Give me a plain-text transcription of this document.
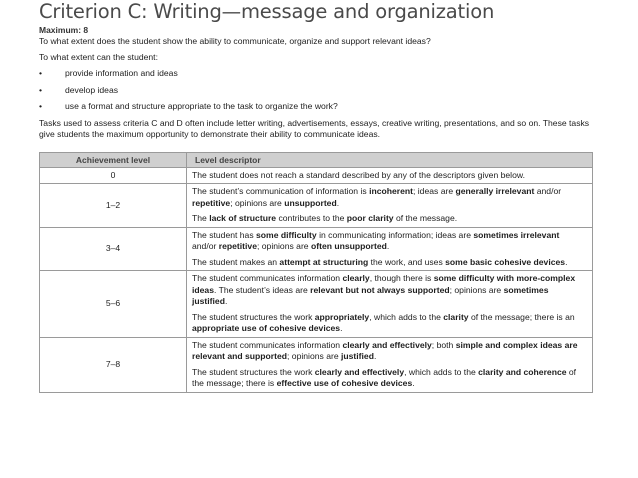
Criterion C: Writing—message and organization
Maximum: 8

To what extent does the student show the ability to communicate, organize and support relevant ideas?

To what extent can the student:

•	provide information and ideas
•	develop ideas
•	use a format and structure appropriate to the task to organize the work?

Tasks used to assess criteria C and D often include letter writing, advertisements, essays, creative writing, presentations, and so on. These tasks give students the maximum opportunity to demonstrate their ability to communicate ideas.

Achievement level	Level descriptor
0	The student does not reach a standard described by any of the descriptors given below.

1–2	The student’s communication of information is incoherent; ideas are generally irrelevant and/or repetitive; opinions are unsupported.

The lack of structure contributes to the poor clarity of the message.

3–4	The student has some difficulty in communicating information; ideas are sometimes irrelevant and/or repetitive; opinions are often unsupported.

The student makes an attempt at structuring the work, and uses some basic cohesive devices.

5–6	The student communicates information clearly, though there is some difficulty with more-complex ideas. The student’s ideas are relevant but not always supported; opinions are sometimes justified.

The student structures the work appropriately, which adds to the clarity of the message; there is an appropriate use of cohesive devices.

7–8	The student communicates information clearly and effectively; both simple and complex ideas are relevant and supported; opinions are justified.

The student structures the work clearly and effectively, which adds to the clarity and coherence of the message; there is effective use of cohesive devices.
